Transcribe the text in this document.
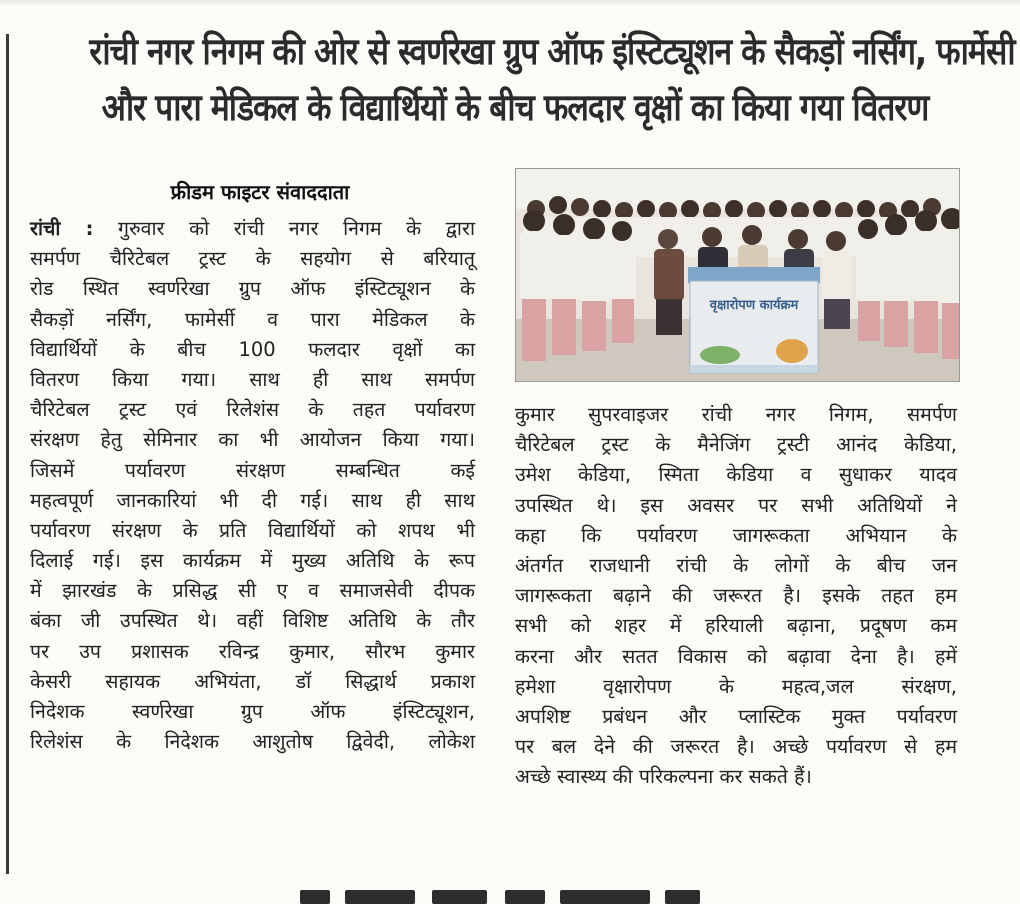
रांची नगर निगम की ओर से स्वर्णरेखा ग्रुप ऑफ इंस्टिट्यूशन के सैकड़ों नर्सिंग, फार्मेसी
और पारा मेडिकल के विद्यार्थियों के बीच फलदार वृक्षों का किया गया वितरण
फ्रीडम फाइटर संवाददाता
रांची : गुरुवार को रांची नगर निगम के द्वारा
समर्पण चैरिटेबल ट्रस्ट के सहयोग से बरियातू
रोड स्थित स्वर्णरेखा ग्रुप ऑफ इंस्टिट्यूशन के
सैकड़ों नर्सिंग, फामेर्सी व पारा मेडिकल के
विद्यार्थियों के बीच 100 फलदार वृक्षों का
वितरण किया गया। साथ ही साथ समर्पण
चैरिटेबल ट्रस्ट एवं रिलेशंस के तहत पर्यावरण
संरक्षण हेतु सेमिनार का भी आयोजन किया गया।
जिसमें पर्यावरण संरक्षण सम्बन्धित कई
महत्वपूर्ण जानकारियां भी दी गई। साथ ही साथ
पर्यावरण संरक्षण के प्रति विद्यार्थियों को शपथ भी
दिलाई गई। इस कार्यक्रम में मुख्य अतिथि के रूप
में झारखंड के प्रसिद्ध सी ए व समाजसेवी दीपक
बंका जी उपस्थित थे। वहीं विशिष्ट अतिथि के तौर
पर उप प्रशासक रविन्द्र कुमार, सौरभ कुमार
केसरी सहायक अभियंता, डॉ सिद्धार्थ प्रकाश
निदेशक स्वर्णरेखा ग्रुप ऑफ इंस्टिट्यूशन,
रिलेशंस के निदेशक आशुतोष द्विवेदी, लोकेश
वृक्षारोपण कार्यक्रम
कुमार सुपरवाइजर रांची नगर निगम, समर्पण
चैरिटेबल ट्रस्ट के मैनेजिंग ट्रस्टी आनंद केडिया,
उमेश केडिया, स्मिता केडिया व सुधाकर यादव
उपस्थित थे। इस अवसर पर सभी अतिथियों ने
कहा कि पर्यावरण जागरूकता अभियान के
अंतर्गत राजधानी रांची के लोगों के बीच जन
जागरूकता बढ़ाने की जरूरत है। इसके तहत हम
सभी को शहर में हरियाली बढ़ाना, प्रदूषण कम
करना और सतत विकास को बढ़ावा देना है। हमें
हमेशा वृक्षारोपण के महत्व,जल संरक्षण,
अपशिष्ट प्रबंधन और प्लास्टिक मुक्त पर्यावरण
पर बल देने की जरूरत है। अच्छे पर्यावरण से हम
अच्छे स्वास्थ्य की परिकल्पना कर सकते हैं।
